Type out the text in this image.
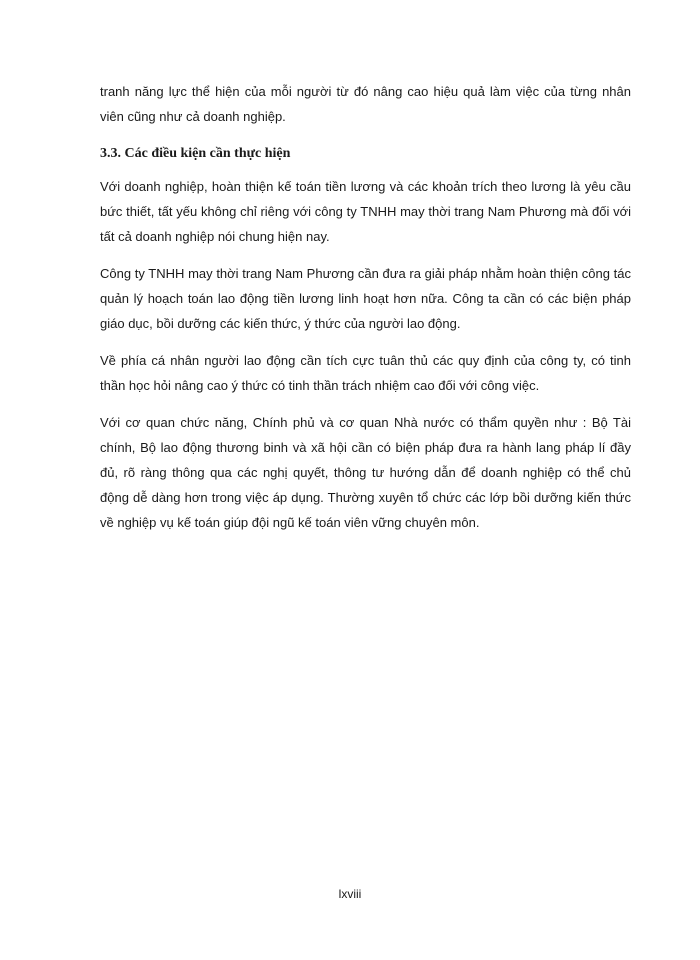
tranh năng lực thể hiện của mỗi người từ đó nâng cao hiệu quả làm việc của từng nhân viên cũng như cả doanh nghiệp.

3.3. Các điều kiện cần thực hiện

Với doanh nghiệp, hoàn thiện kế toán tiền lương và các khoản trích theo lương là yêu cầu bức thiết, tất yếu không chỉ riêng với công ty TNHH may thời trang Nam Phương mà đối với tất cả doanh nghiệp nói chung hiện nay.

Công ty TNHH may thời trang Nam Phương cần đưa ra giải pháp nhằm hoàn thiện công tác quản lý hoạch toán lao động tiền lương linh hoạt hơn nữa. Công ta cần có các biện pháp giáo dục, bồi dưỡng các kiến thức, ý thức của người lao động.

Về phía cá nhân người lao động cần tích cực tuân thủ các quy định của công ty, có tinh thần học hỏi nâng cao ý thức có tinh thần trách nhiệm cao đối với công việc.

Với cơ quan chức năng, Chính phủ và cơ quan Nhà nước có thẩm quyền như : Bộ Tài chính, Bộ lao động thương binh và xã hội cần có biện pháp đưa ra hành lang pháp lí đầy đủ, rõ ràng thông qua các nghị quyết, thông tư hướng dẫn để doanh nghiệp có thể chủ động dễ dàng hơn trong việc áp dụng. Thường xuyên tổ chức các lớp bồi dưỡng kiến thức về nghiệp vụ kế toán giúp đội ngũ kế toán viên vững chuyên môn.

lxviii
